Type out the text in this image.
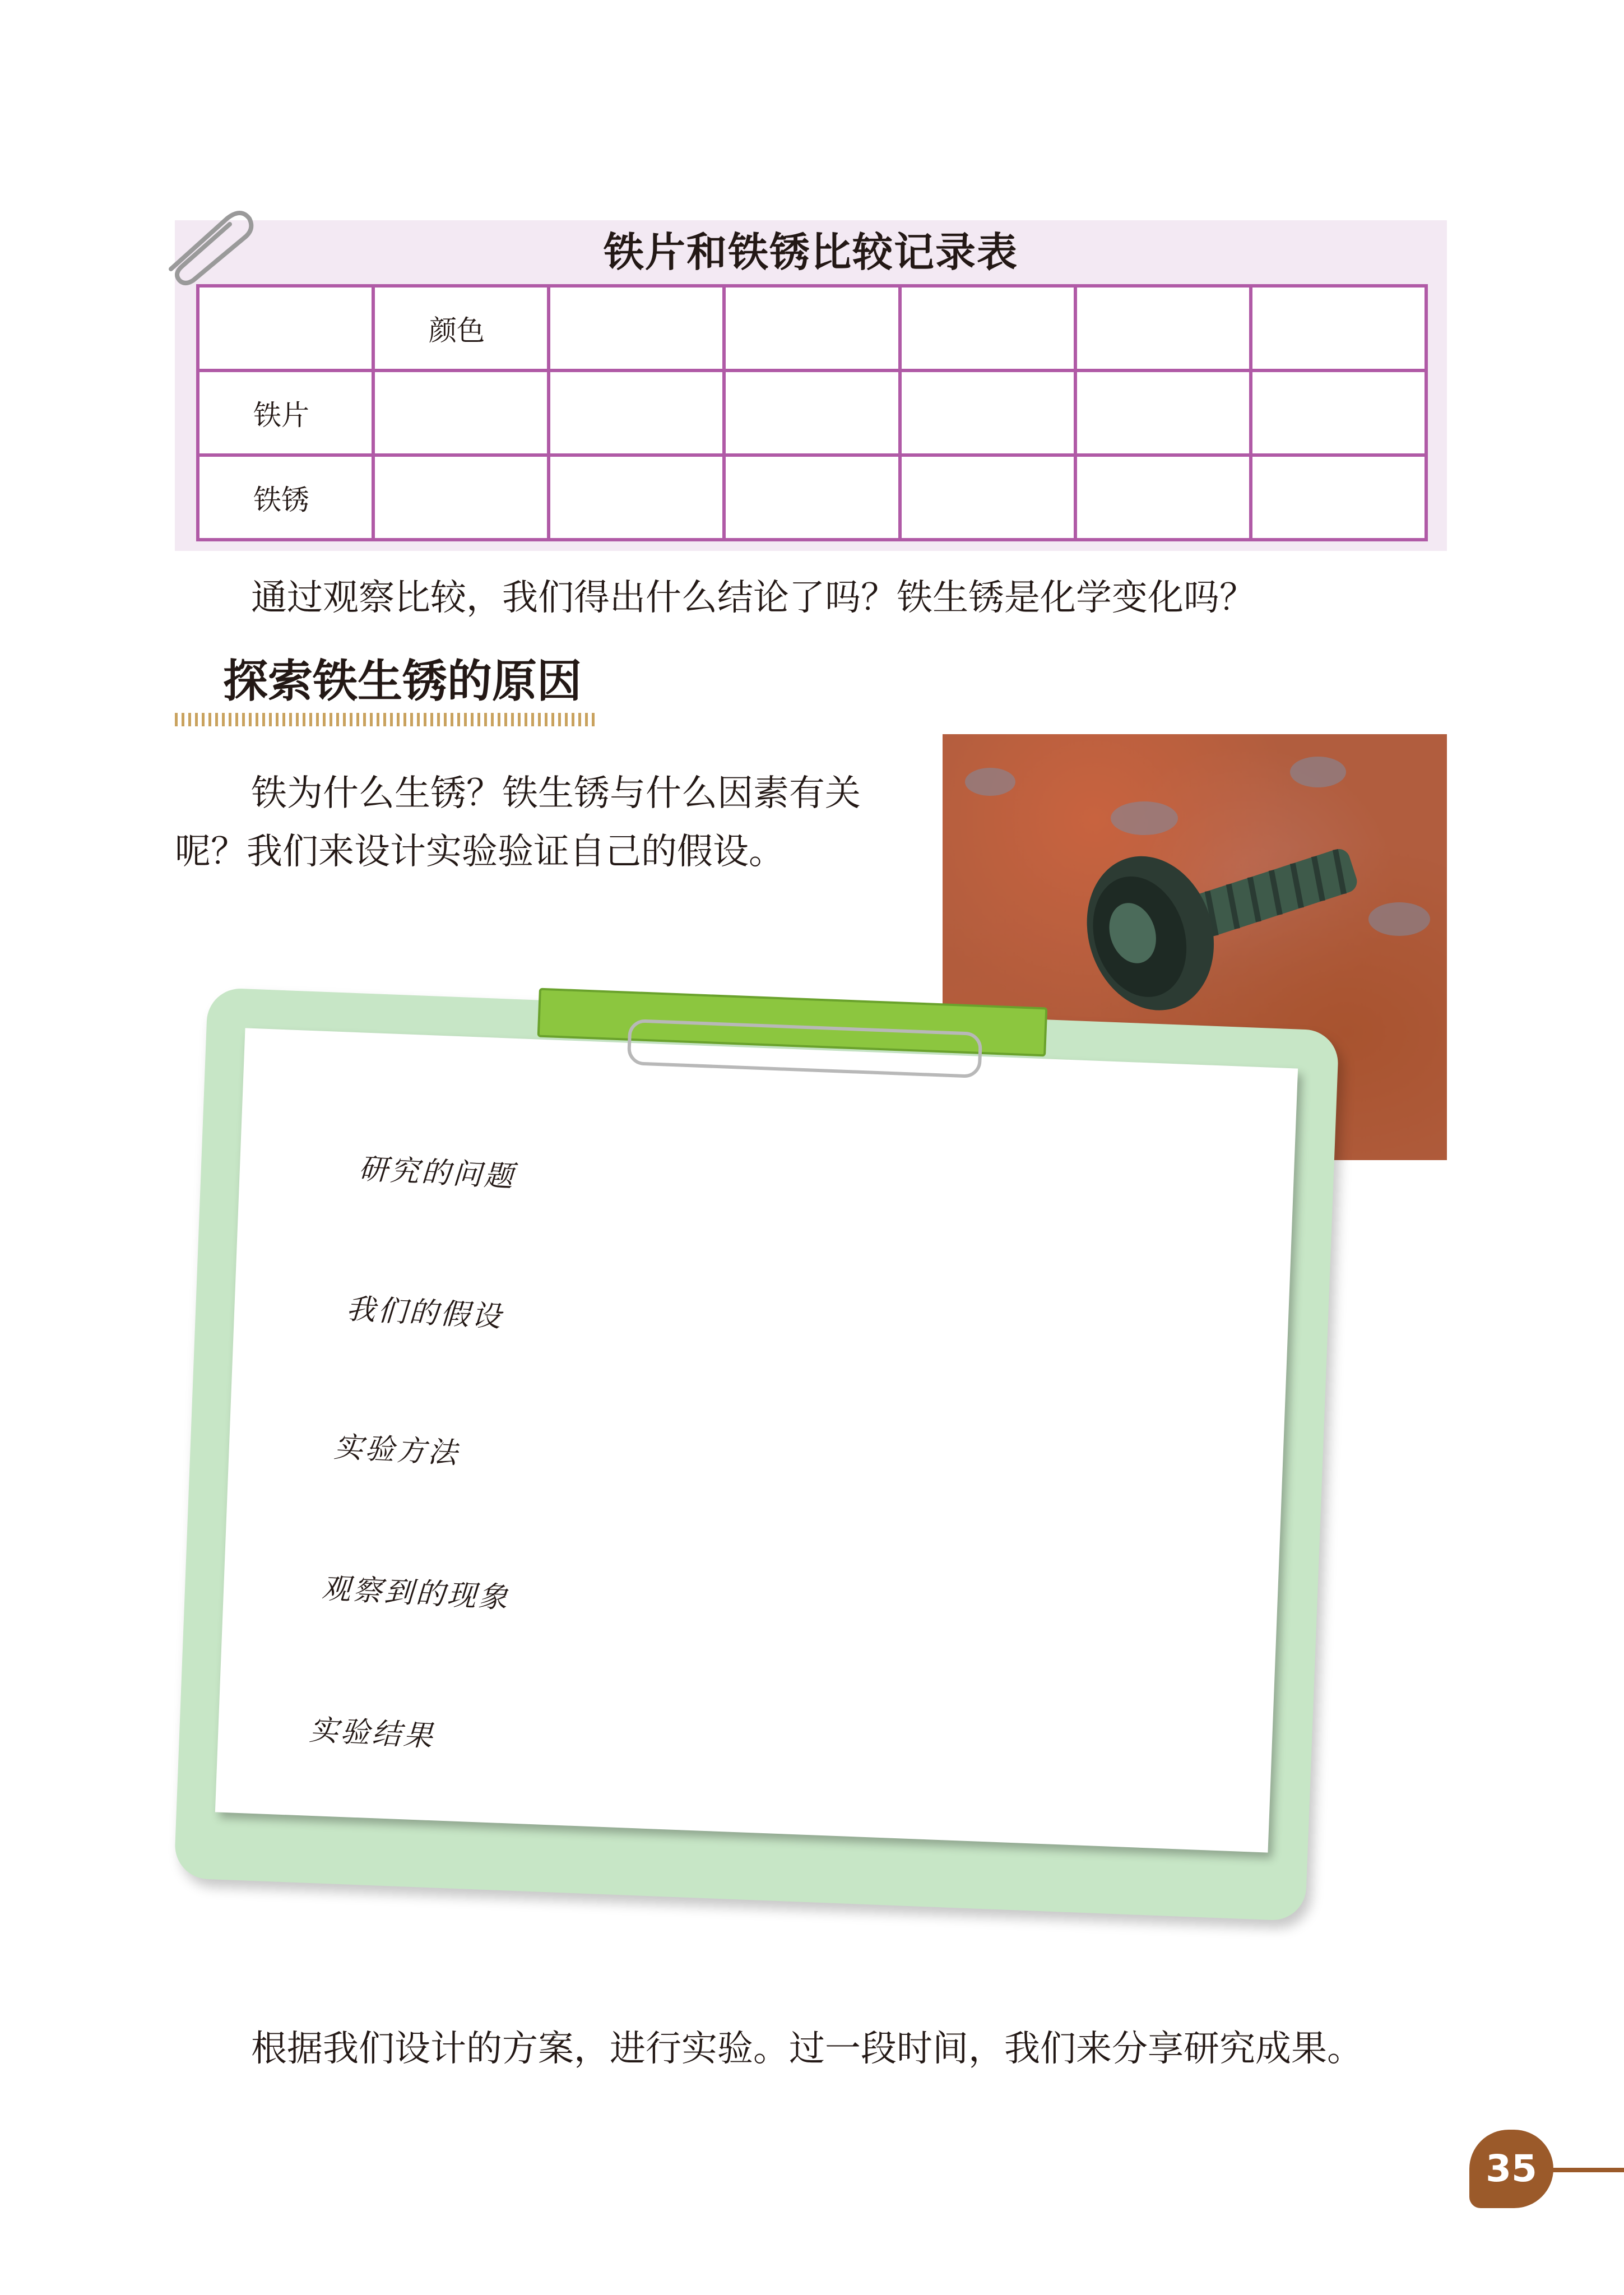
铁片和铁锈比较记录表
	颜色					
铁片						
铁锈						
通过观察比较，我们得出什么结论了吗？铁生锈是化学变化吗？
探索铁生锈的原因
铁为什么生锈？铁生锈与什么因素有关呢？我们来设计实验验证自己的假设。
研究的问题
我们的假设
实验方法
观察到的现象
实验结果
根据我们设计的方案，进行实验。过一段时间，我们来分享研究成果。
35
